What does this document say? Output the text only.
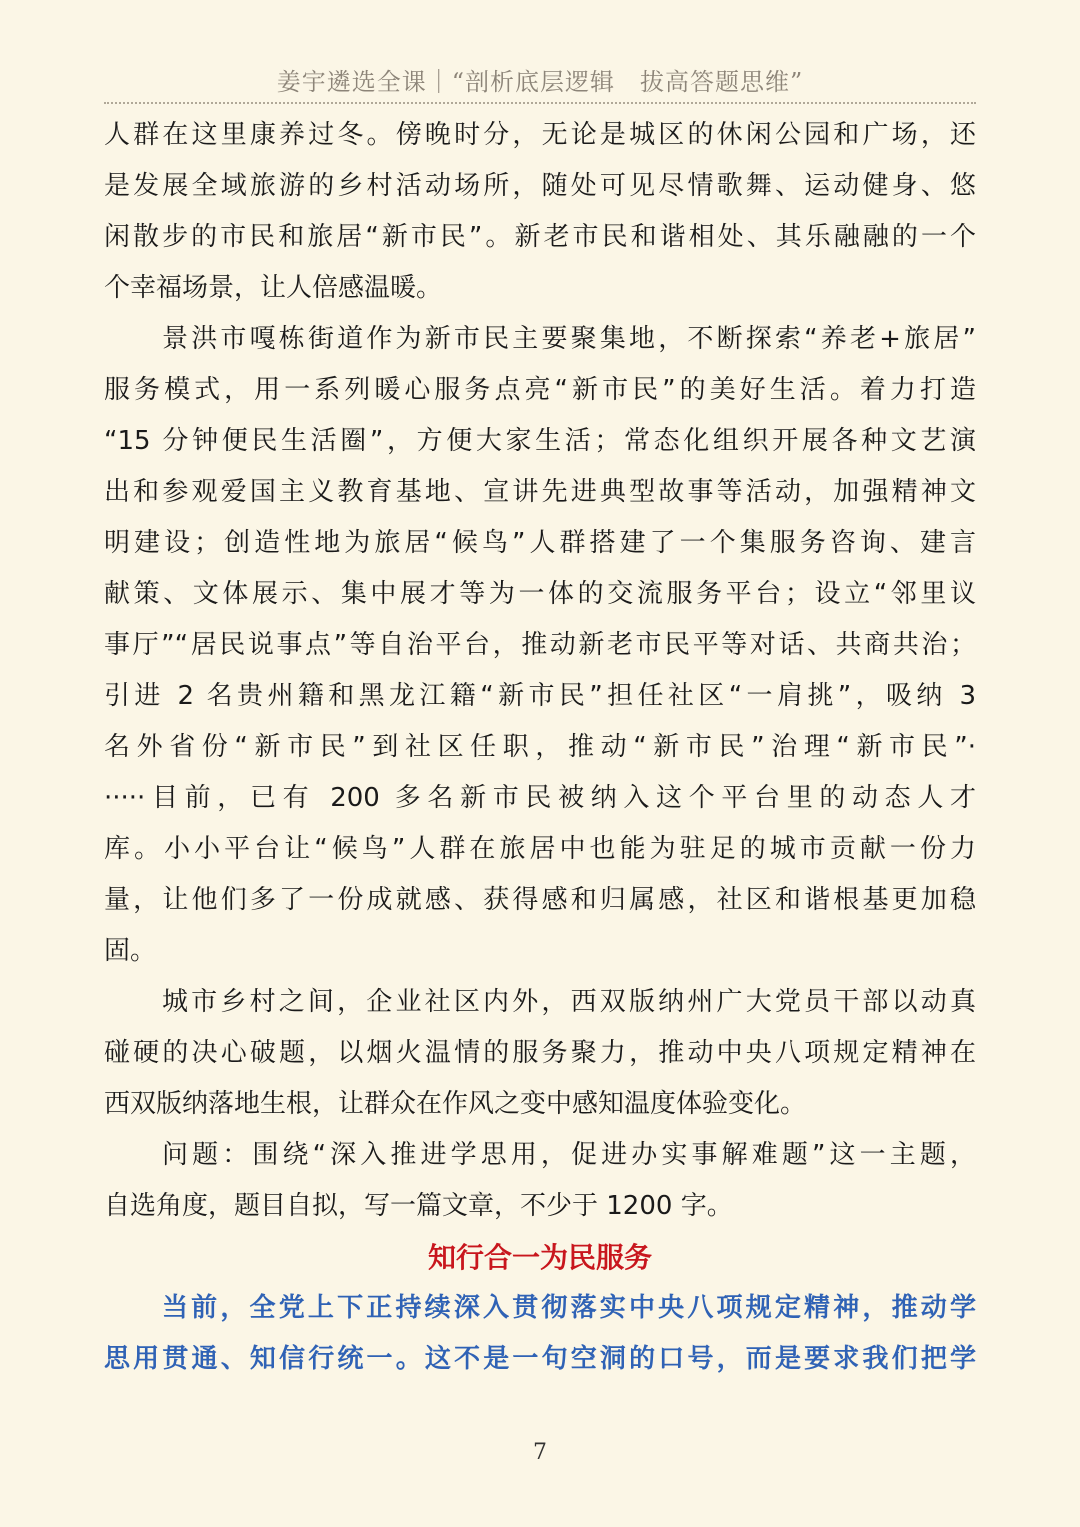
姜宇遴选全课｜“剖析底层逻辑　拔高答题思维”
人群在这里康养过冬。傍晚时分，无论是城区的休闲公园和广场，还
是发展全域旅游的乡村活动场所，随处可见尽情歌舞、运动健身、悠
闲散步的市民和旅居“新市民”。新老市民和谐相处、其乐融融的一个
个幸福场景，让人倍感温暖。
景洪市嘎栋街道作为新市民主要聚集地，不断探索“养老+旅居”
服务模式，用一系列暖心服务点亮“新市民”的美好生活。着力打造
“15 分钟便民生活圈”，方便大家生活；常态化组织开展各种文艺演
出和参观爱国主义教育基地、宣讲先进典型故事等活动，加强精神文
明建设；创造性地为旅居“候鸟”人群搭建了一个集服务咨询、建言
献策、文体展示、集中展才等为一体的交流服务平台；设立“邻里议
事厅”“居民说事点”等自治平台，推动新老市民平等对话、共商共治；
引进 2 名贵州籍和黑龙江籍“新市民”担任社区“一肩挑”，吸纳 3
名外省份“新市民”到社区任职，推动“新市民”治理“新市民”·
·····目前，已有 200 多名新市民被纳入这个平台里的动态人才
库。小小平台让“候鸟”人群在旅居中也能为驻足的城市贡献一份力
量，让他们多了一份成就感、获得感和归属感，社区和谐根基更加稳
固。
城市乡村之间，企业社区内外，西双版纳州广大党员干部以动真
碰硬的决心破题，以烟火温情的服务聚力，推动中央八项规定精神在
西双版纳落地生根，让群众在作风之变中感知温度体验变化。
问题：围绕“深入推进学思用，促进办实事解难题”这一主题，
自选角度，题目自拟，写一篇文章，不少于 1200 字。
知行合一为民服务
当前，全党上下正持续深入贯彻落实中央八项规定精神，推动学
思用贯通、知信行统一。这不是一句空洞的口号，而是要求我们把学
7
